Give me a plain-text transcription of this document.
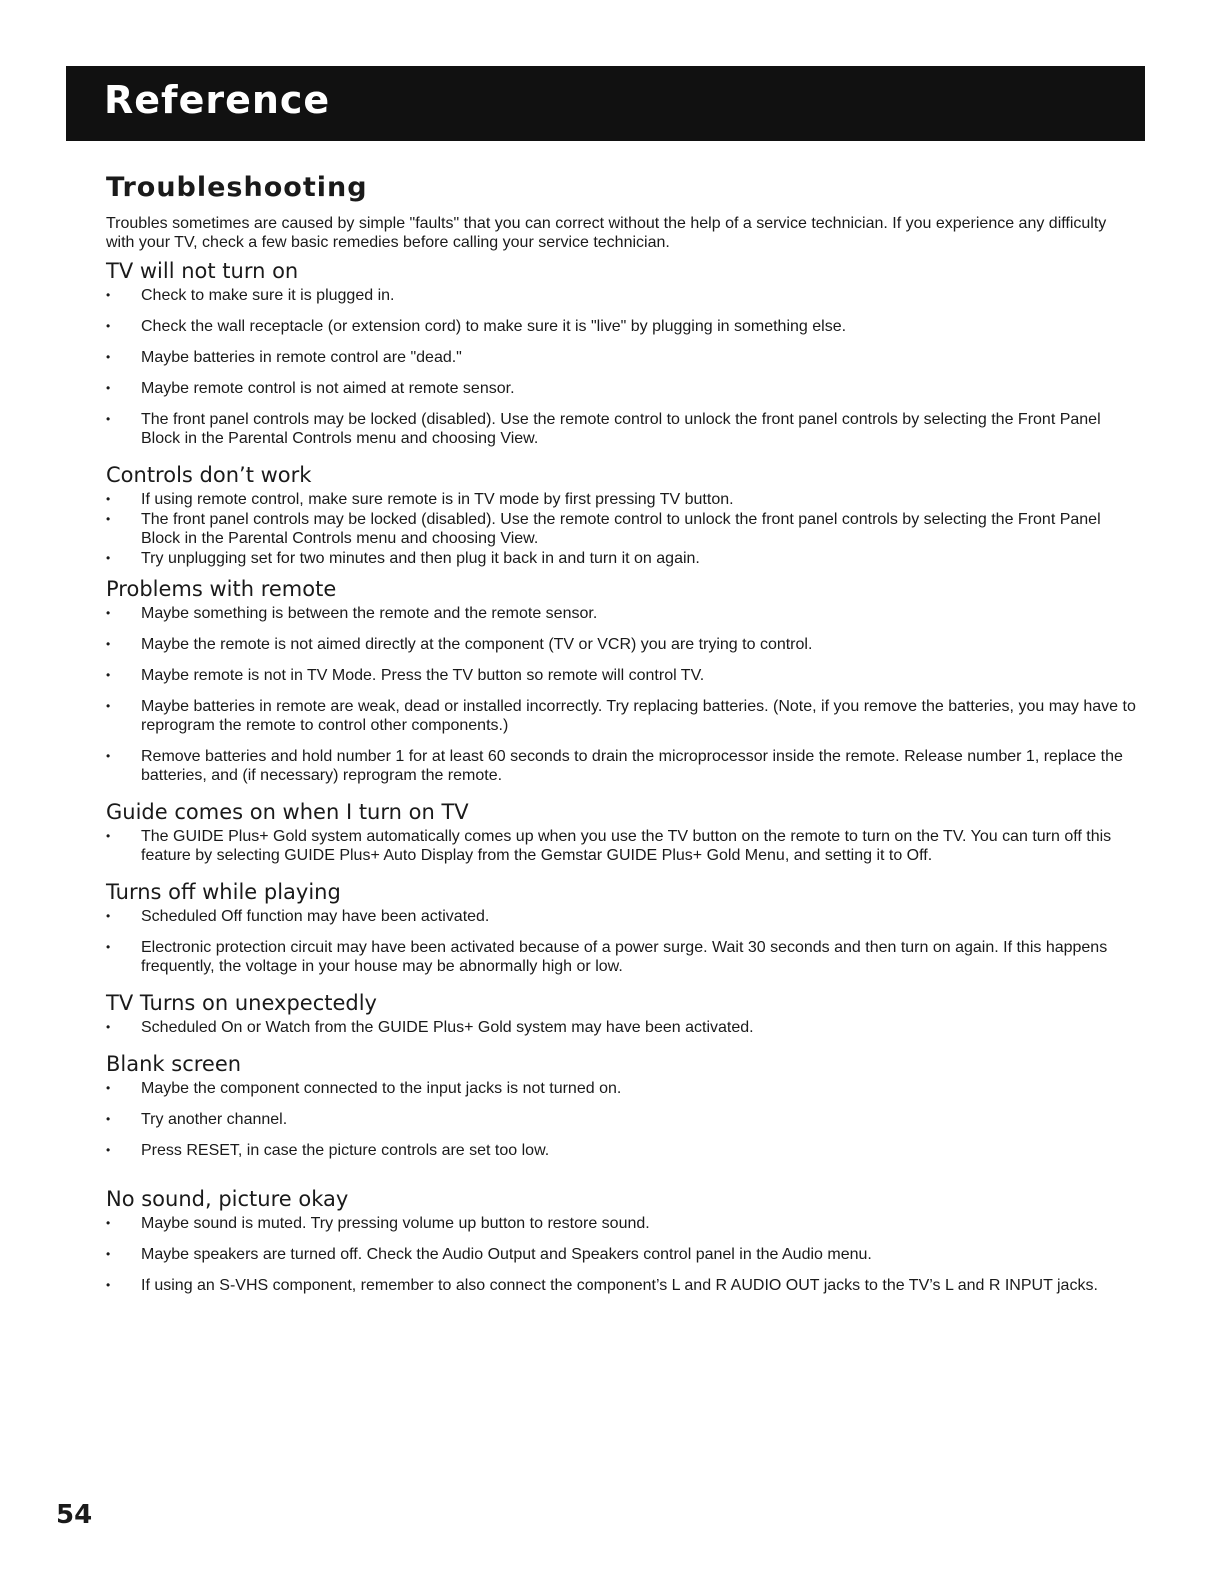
Reference
Troubleshooting

Troubles sometimes are caused by simple "faults" that you can correct without the help of a service technician. If you experience any difficulty with your TV, check a few basic remedies before calling your service technician.

TV will not turn on
• Check to make sure it is plugged in.
• Check the wall receptacle (or extension cord) to make sure it is "live" by plugging in something else.
• Maybe batteries in remote control are "dead."
• Maybe remote control is not aimed at remote sensor.
• The front panel controls may be locked (disabled). Use the remote control to unlock the front panel controls by selecting the Front Panel Block in the Parental Controls menu and choosing View.
Controls don’t work
• If using remote control, make sure remote is in TV mode by first pressing TV button.
• The front panel controls may be locked (disabled). Use the remote control to unlock the front panel controls by selecting the Front Panel Block in the Parental Controls menu and choosing View.
• Try unplugging set for two minutes and then plug it back in and turn it on again.
Problems with remote
• Maybe something is between the remote and the remote sensor.
• Maybe the remote is not aimed directly at the component (TV or VCR) you are trying to control.
• Maybe remote is not in TV Mode. Press the TV button so remote will control TV.
• Maybe batteries in remote are weak, dead or installed incorrectly. Try replacing batteries. (Note, if you remove the batteries, you may have to reprogram the remote to control other components.)
• Remove batteries and hold number 1 for at least 60 seconds to drain the microprocessor inside the remote. Release number 1, replace the batteries, and (if necessary) reprogram the remote.
Guide comes on when I turn on TV
• The GUIDE Plus+ Gold system automatically comes up when you use the TV button on the remote to turn on the TV. You can turn off this feature by selecting GUIDE Plus+ Auto Display from the Gemstar GUIDE Plus+ Gold Menu, and setting it to Off.
Turns off while playing
• Scheduled Off function may have been activated.
• Electronic protection circuit may have been activated because of a power surge. Wait 30 seconds and then turn on again. If this happens frequently, the voltage in your house may be abnormally high or low.
TV Turns on unexpectedly
• Scheduled On or Watch from the GUIDE Plus+ Gold system may have been activated.
Blank screen
• Maybe the component connected to the input jacks is not turned on.
• Try another channel.
• Press RESET, in case the picture controls are set too low.
No sound, picture okay
• Maybe sound is muted. Try pressing volume up button to restore sound.
• Maybe speakers are turned off. Check the Audio Output and Speakers control panel in the Audio menu.
• If using an S-VHS component, remember to also connect the component’s L and R AUDIO OUT jacks to the TV’s L and R INPUT jacks.
54
